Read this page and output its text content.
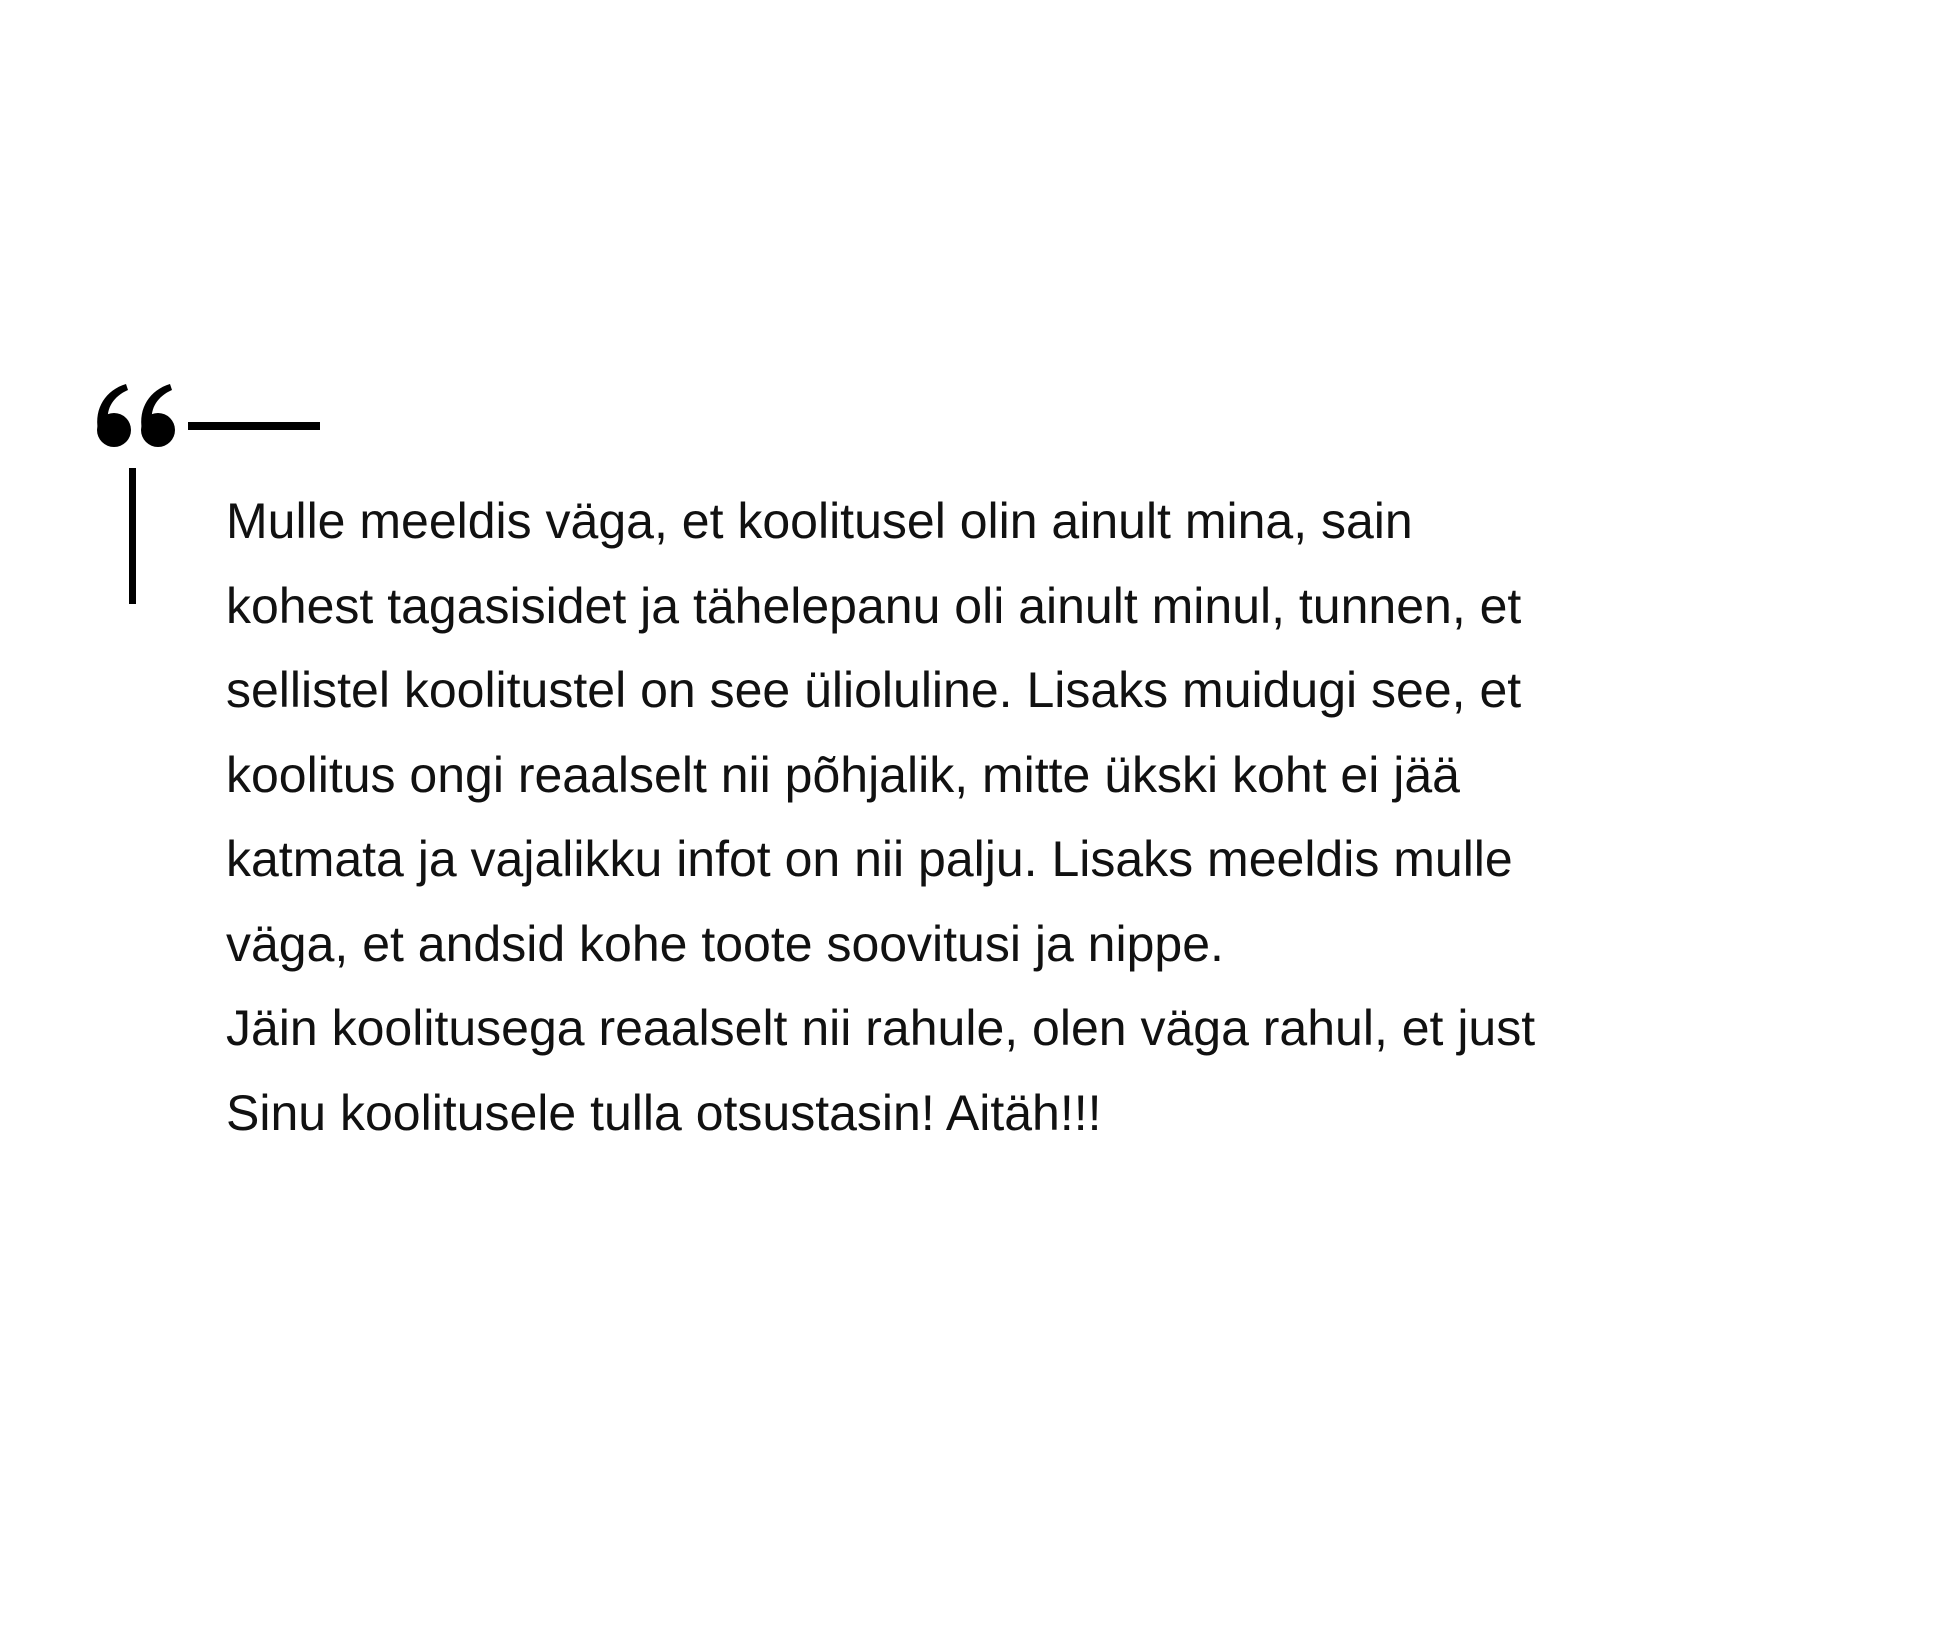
Mulle meeldis väga, et koolitusel olin ainult mina, sain
kohest tagasisidet ja tähelepanu oli ainult minul, tunnen, et
sellistel koolitustel on see ülioluline. Lisaks muidugi see, et
koolitus ongi reaalselt nii põhjalik, mitte ükski koht ei jää
katmata ja vajalikku infot on nii palju. Lisaks meeldis mulle
väga, et andsid kohe toote soovitusi ja nippe.
Jäin koolitusega reaalselt nii rahule, olen väga rahul, et just
Sinu koolitusele tulla otsustasin! Aitäh!!!
